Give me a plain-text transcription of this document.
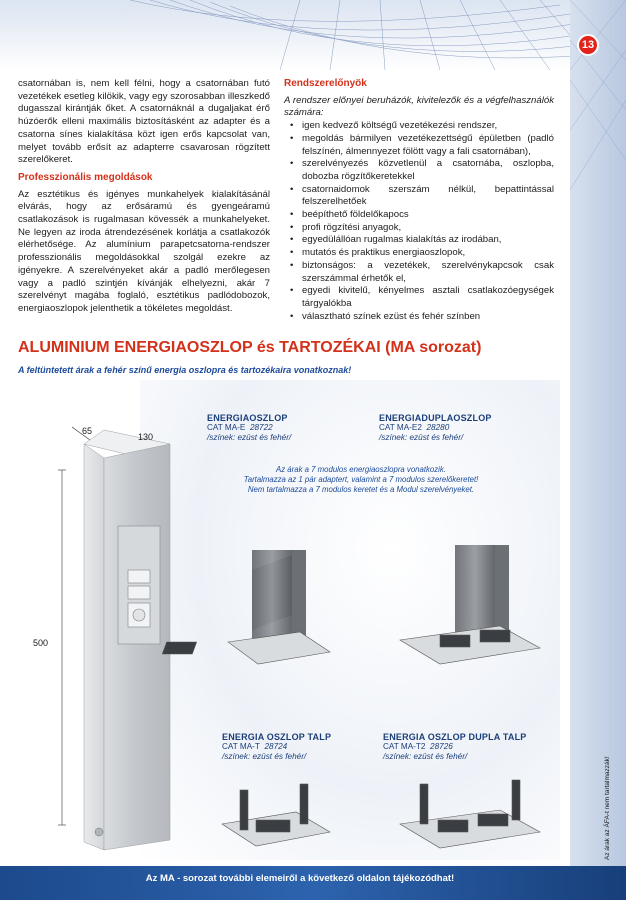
13

csatornában is, nem kell félni, hogy a csatornában futó vezetékek esetleg kilökik, vagy egy szorosabban illeszkedő dugasszal kirántják őket. A csatornáknál a dugaljakat érő húzóerők elleni maximális biztosításként az adapter és a csatorna sínes kialakítása közt igen erős kapcsolat van, melyet tovább erősít az adapterre csavarosan rögzített szerelőkeret.

Professzionális megoldások

Az esztétikus és igényes munkahelyek kialakításánál elvárás, hogy az erősáramú és gyengeáramú csatlakozások is rugalmasan kövessék a munkahelyeket. Ne legyen az iroda átrendezésének korlátja a csatlakozók elérhetősége. Az alumínium parapetcsatorna-rendszer professzionális megoldásokkal szolgál ezekre az igényekre. A szerelvényeket akár a padló merőlegesen vagy a padló szintjén kívánják elhelyezni, akár 7 szerelvényt magába foglaló, esztétikus padlódobozok, energiaoszlopok jelenthetik a tökéletes megoldást.

Rendszerelőnyök

A rendszer előnyei beruházók, kivitelezők és a végfelhasználók számára:

• igen kedvező költségű vezetékezési rendszer,
• megoldás bármilyen vezetékezettségű épületben (padló felszínén, álmennyezet fölött vagy a fali csatornában),
• szerelvényezés közvetlenül a csatornába, oszlopba, dobozba rögzítőkeretekkel
• csatornaidomok szerszám nélkül, bepattintással felszerelhetőek
• beépíthető földelőkapocs
• profi rögzítési anyagok,
• egyedülállóan rugalmas kialakítás az irodában,
• mutatós és praktikus energiaoszlopok,
• biztonságos: a vezetékek, szerelvénykapcsok csak szerszámmal érhetők el,
• egyedi kivitelű, kényelmes asztali csatlakozóegységek tárgyalókba
• választható színek ezüst és fehér színben
ALUMINIUM ENERGIAOSZLOP és TARTOZÉKAI (MA sorozat)
A feltüntetett árak a fehér színű energia oszlopra és tartozékaira vonatkoznak!
65
130
500
ENERGIAOSZLOP
CAT MA-E 28722
/színek: ezüst és fehér/
ENERGIADUPLAOSZLOP
CAT MA-E2 28280
/színek: ezüst és fehér/
ENERGIA OSZLOP TALP
CAT MA-T 28724
/színek: ezüst és fehér/
ENERGIA OSZLOP DUPLA TALP
CAT MA-T2 28726
/színek: ezüst és fehér/
Az árak a 7 modulos energiaoszlopra vonatkozik.
Tartalmazza az 1 pár adaptert, valamint a 7 modulos szerelőkeretet!
Nem tartalmazza a 7 modulos keretet és a Modul szerelvényeket.
Az árak az ÁFA-t nem tartalmazzák!
Az MA - sorozat további elemeiről a következő oldalon tájékozódhat!
